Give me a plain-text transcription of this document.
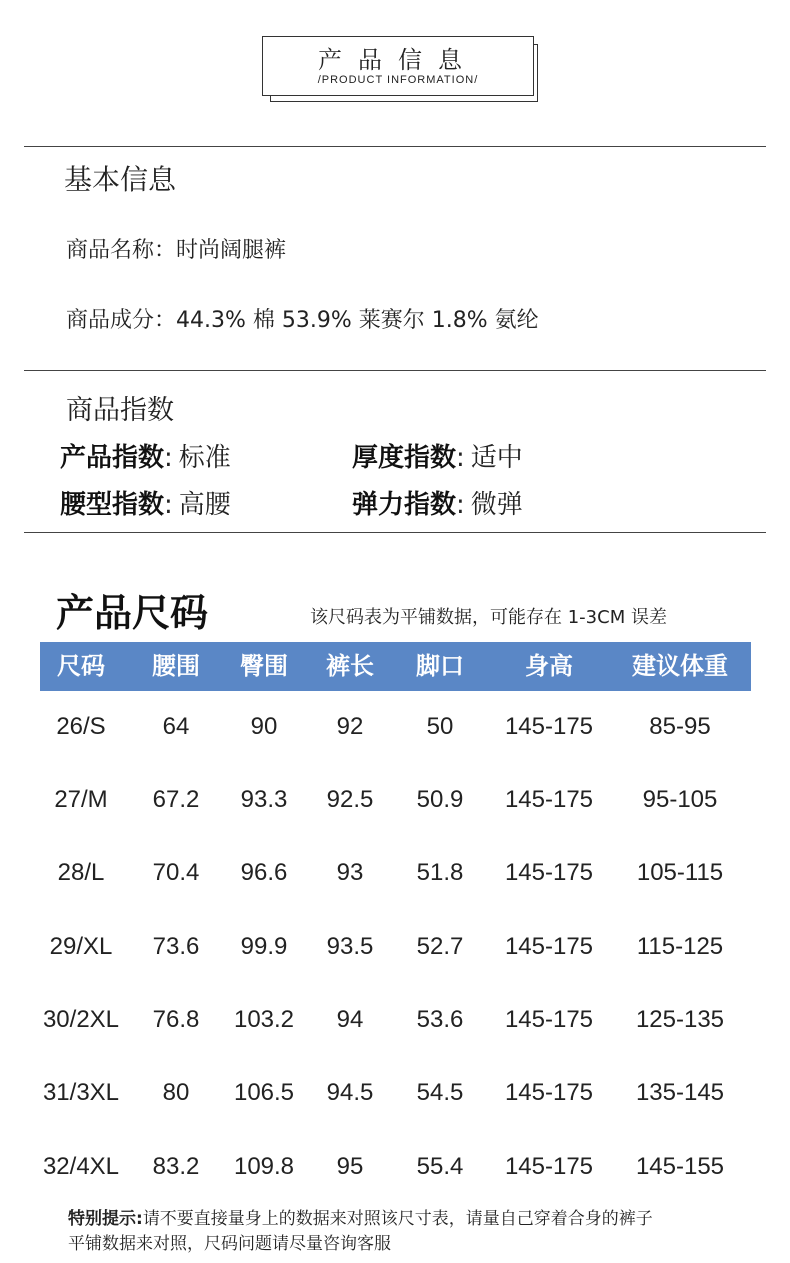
产品信息
/PRODUCT INFORMATION/
基本信息
商品名称：时尚阔腿裤
商品成分：44.3% 棉 53.9% 莱赛尔 1.8% 氨纶
商品指数
产品指数: 标准	厚度指数: 适中
腰型指数: 高腰	弹力指数: 微弹
产品尺码	该尺码表为平铺数据，可能存在 1-3CM 误差
尺码	腰围	臀围	裤长	脚口	身高	建议体重
26/S	64	90	92	50	145-175	85-95
27/M	67.2	93.3	92.5	50.9	145-175	95-105
28/L	70.4	96.6	93	51.8	145-175	105-115
29/XL	73.6	99.9	93.5	52.7	145-175	115-125
30/2XL	76.8	103.2	94	53.6	145-175	125-135
31/3XL	80	106.5	94.5	54.5	145-175	135-145
32/4XL	83.2	109.8	95	55.4	145-175	145-155
特别提示:请不要直接量身上的数据来对照该尺寸表，请量自己穿着合身的裤子
平铺数据来对照，尺码问题请尽量咨询客服
